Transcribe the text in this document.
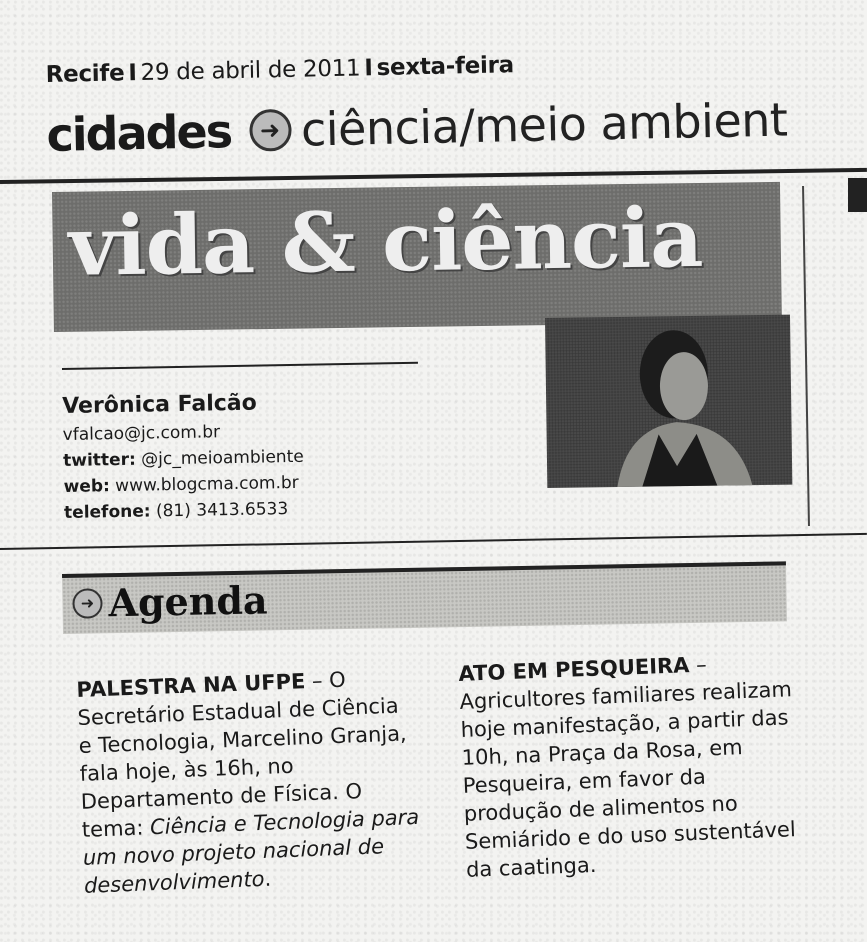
Recife I 29 de abril de 2011 I sexta-feira
cidades ➜ ciência/meio ambient
vida & ciência
Verônica Falcão
vfalcao@jc.com.br
twitter: @jc_meioambiente
web: www.blogcma.com.br
telefone: (81) 3413.6533
➜ Agenda
PALESTRA NA UFPE – O Secretário Estadual de Ciência e Tecnologia, Marcelino Granja, fala hoje, às 16h, no Departamento de Física. O tema: Ciência e Tecnologia para um novo projeto nacional de desenvolvimento.
ATO EM PESQUEIRA – Agricultores familiares realizam hoje manifestação, a partir das 10h, na Praça da Rosa, em Pesqueira, em favor da produção de alimentos no Semiárido e do uso sustentável da caatinga.
